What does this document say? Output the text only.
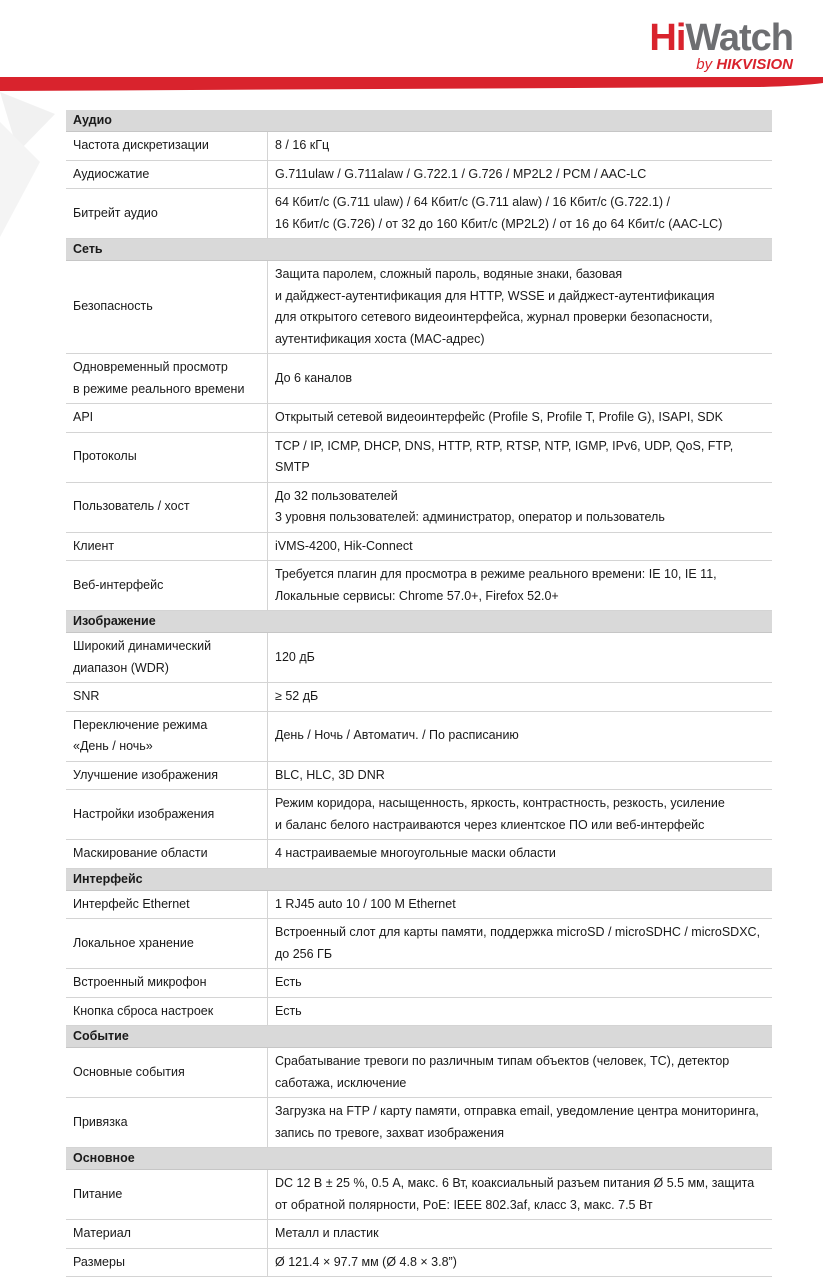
HiWatch
by HIKVISION
Аудио	

Частота дискретизации	8 / 16 кГц

Аудиосжатие	G.711ulaw / G.711alaw / G.722.1 / G.726 / MP2L2 / PCM / AAC-LC

Битрейт аудио	64 Кбит/с (G.711 ulaw) / 64 Кбит/с (G.711 alaw) / 16 Кбит/с (G.722.1) /
16 Кбит/с (G.726) / от 32 до 160 Кбит/с (MP2L2) / от 16 до 64 Кбит/с (AAC-LC)

Сеть	

Безопасность	Защита паролем, сложный пароль, водяные знаки, базовая
и дайджест-аутентификация для HTTP, WSSE и дайджест-аутентификация
для открытого сетевого видеоинтерфейса, журнал проверки безопасности,
аутентификация хоста (MAC-адрес)

Одновременный просмотр
в режиме реального времени	До 6 каналов

API	Открытый сетевой видеоинтерфейс (Profile S, Profile T, Profile G), ISAPI, SDK

Протоколы	TCP / IP, ICMP, DHCP, DNS, HTTP, RTP, RTSP, NTP, IGMP, IPv6, UDP, QoS, FTP, SMTP

Пользователь / хост	До 32 пользователей
3 уровня пользователей: администратор, оператор и пользователь

Клиент	iVMS-4200, Hik-Connect

Веб-интерфейс	Требуется плагин для просмотра в режиме реального времени: IE 10, IE 11,
Локальные сервисы: Chrome 57.0+, Firefox 52.0+

Изображение	

Широкий динамический
диапазон (WDR)	120 дБ

SNR	≥ 52 дБ

Переключение режима
«День / ночь»	День / Ночь / Автоматич. / По расписанию

Улучшение изображения	BLC, HLC, 3D DNR

Настройки изображения	Режим коридора, насыщенность, яркость, контрастность, резкость, усиление
и баланс белого настраиваются через клиентское ПО или веб-интерфейс

Маскирование области	4 настраиваемые многоугольные маски области

Интерфейс	

Интерфейс Ethernet	1 RJ45 auto 10 / 100 M Ethernet

Локальное хранение	Встроенный слот для карты памяти, поддержка microSD / microSDHC / microSDXC,
до 256 ГБ

Встроенный микрофон	Есть

Кнопка сброса настроек	Есть

Событие	

Основные события	Срабатывание тревоги по различным типам объектов (человек, ТС), детектор
саботажа, исключение

Привязка	Загрузка на FTP / карту памяти, отправка email, уведомление центра мониторинга,
запись по тревоге, захват изображения

Основное	

Питание	DC 12 В ± 25 %, 0.5 А, макс. 6 Вт, коаксиальный разъем питания Ø 5.5 мм, защита
от обратной полярности, PoE: IEEE 802.3af, класс 3, макс. 7.5 Вт

Материал	Металл и пластик

Размеры	Ø 121.4 × 97.7 мм (Ø 4.8 × 3.8”)
